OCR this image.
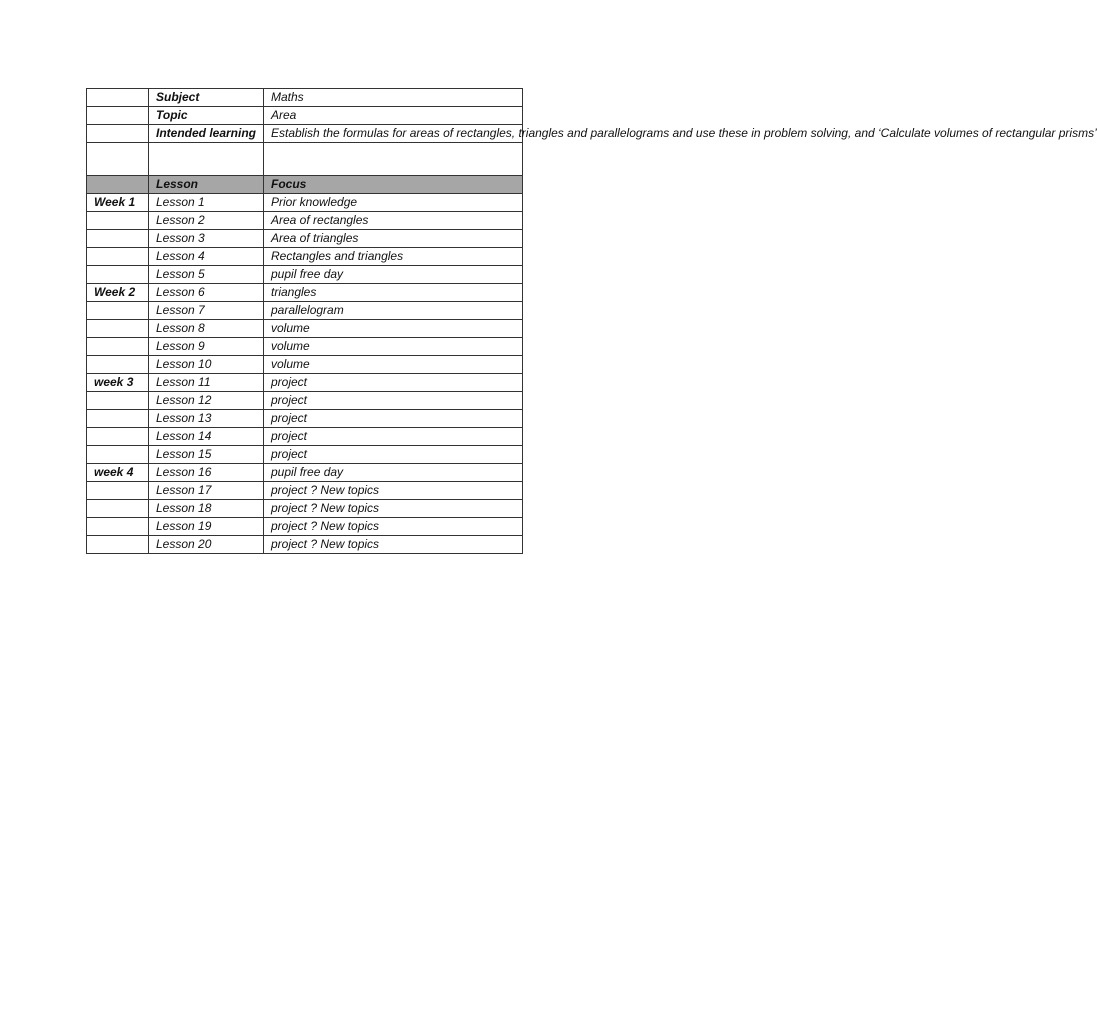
	Subject	Maths
	Topic	Area
	Intended learning	Establish the formulas for areas of rectangles, triangles and parallelograms and use these in problem solving, and ‘Calculate volumes of rectangular prisms’

	Lesson	Focus
Week 1	Lesson 1	Prior knowledge
	Lesson 2	Area of rectangles
	Lesson 3	Area of triangles
	Lesson 4	Rectangles and triangles
	Lesson 5	pupil free day
Week 2	Lesson 6	triangles
	Lesson 7	parallelogram
	Lesson 8	volume
	Lesson 9	volume
	Lesson 10	volume
week 3	Lesson 11	project
	Lesson 12	project
	Lesson 13	project
	Lesson 14	project
	Lesson 15	project
week 4	Lesson 16	pupil free day
	Lesson 17	project ? New topics
	Lesson 18	project ? New topics
	Lesson 19	project ? New topics
	Lesson 20	project ? New topics
